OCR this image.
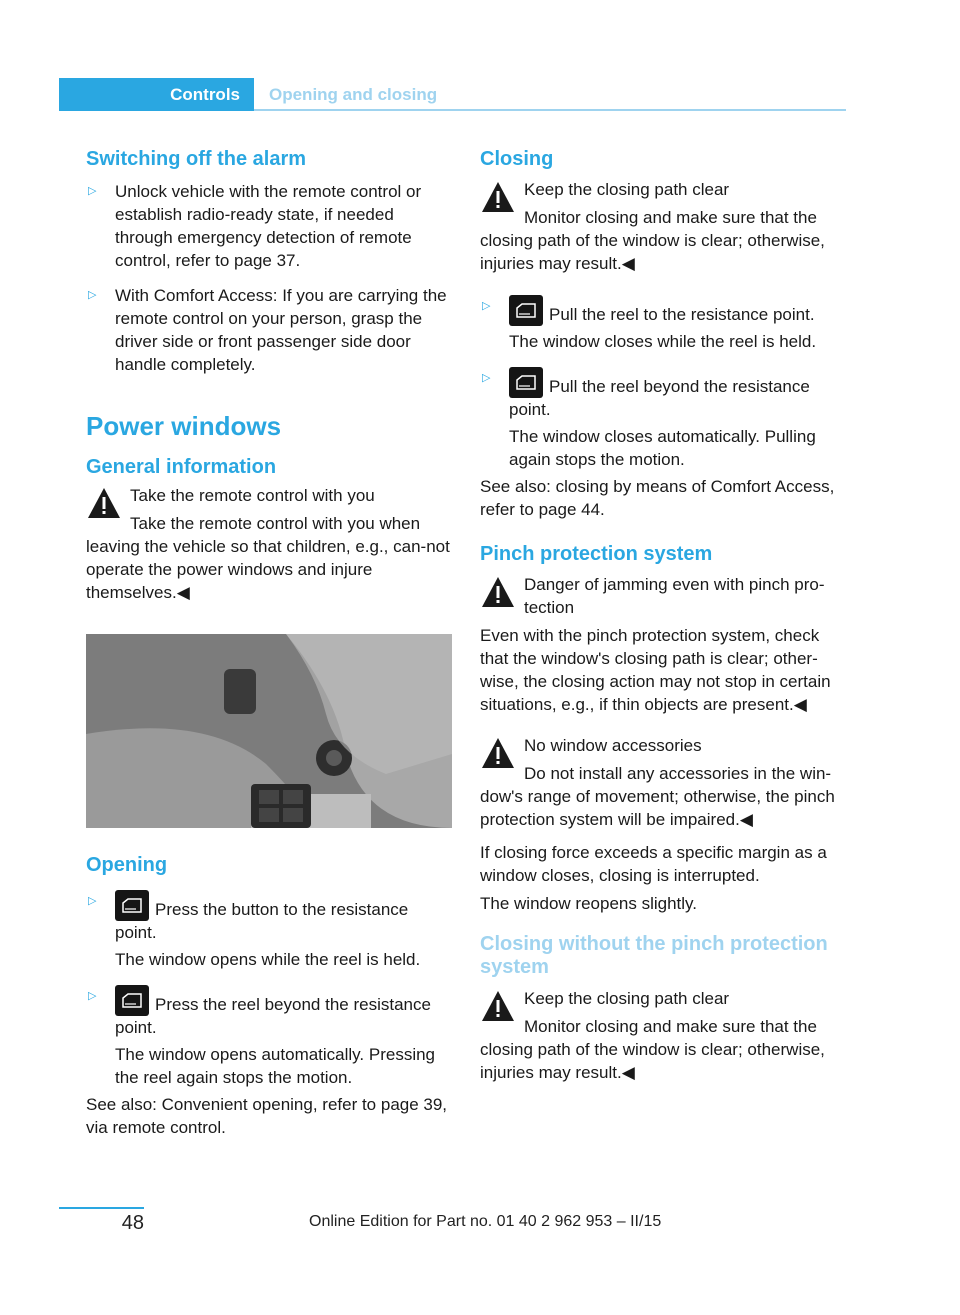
Controls	Opening and closing
Switching off the alarm
▷ Unlock vehicle with the remote control or establish radio-ready state, if needed through emergency detection of remote control, refer to page 37.

▷ With Comfort Access: If you are carrying the remote control on your person, grasp the driver side or front passenger side door handle completely.

Power windows
General information

Take the remote control with you

Take the remote control with you when

leaving the vehicle so that children, e.g., can-not operate the power windows and injure themselves.◀

Opening
▷	Press the button to the resistance point.

The window opens while the reel is held.

▷	Press the reel beyond the resistance point.

The window opens automatically. Pressing the reel again stops the motion.

See also: Convenient opening, refer to page 39, via remote control.

Closing

Keep the closing path clear

Monitor closing and make sure that the

closing path of the window is clear; otherwise, injuries may result.◀

▷	Pull the reel to the resistance point.

The window closes while the reel is held.

▷	Pull the reel beyond the resistance point.

The window closes automatically. Pulling again stops the motion.

See also: closing by means of Comfort Access, refer to page 44.

Pinch protection system

Danger of jamming even with pinch pro-tection

Even with the pinch protection system, check that the window's closing path is clear; other-wise, the closing action may not stop in certain situations, e.g., if thin objects are present.◀

No window accessories

Do not install any accessories in the win-

dow's range of movement; otherwise, the pinch protection system will be impaired.◀

If closing force exceeds a specific margin as a window closes, closing is interrupted.

The window reopens slightly.

Closing without the pinch protection system

Keep the closing path clear

Monitor closing and make sure that the

closing path of the window is clear; otherwise, injuries may result.◀

48	Online Edition for Part no. 01 40 2 962 953 – II/15
